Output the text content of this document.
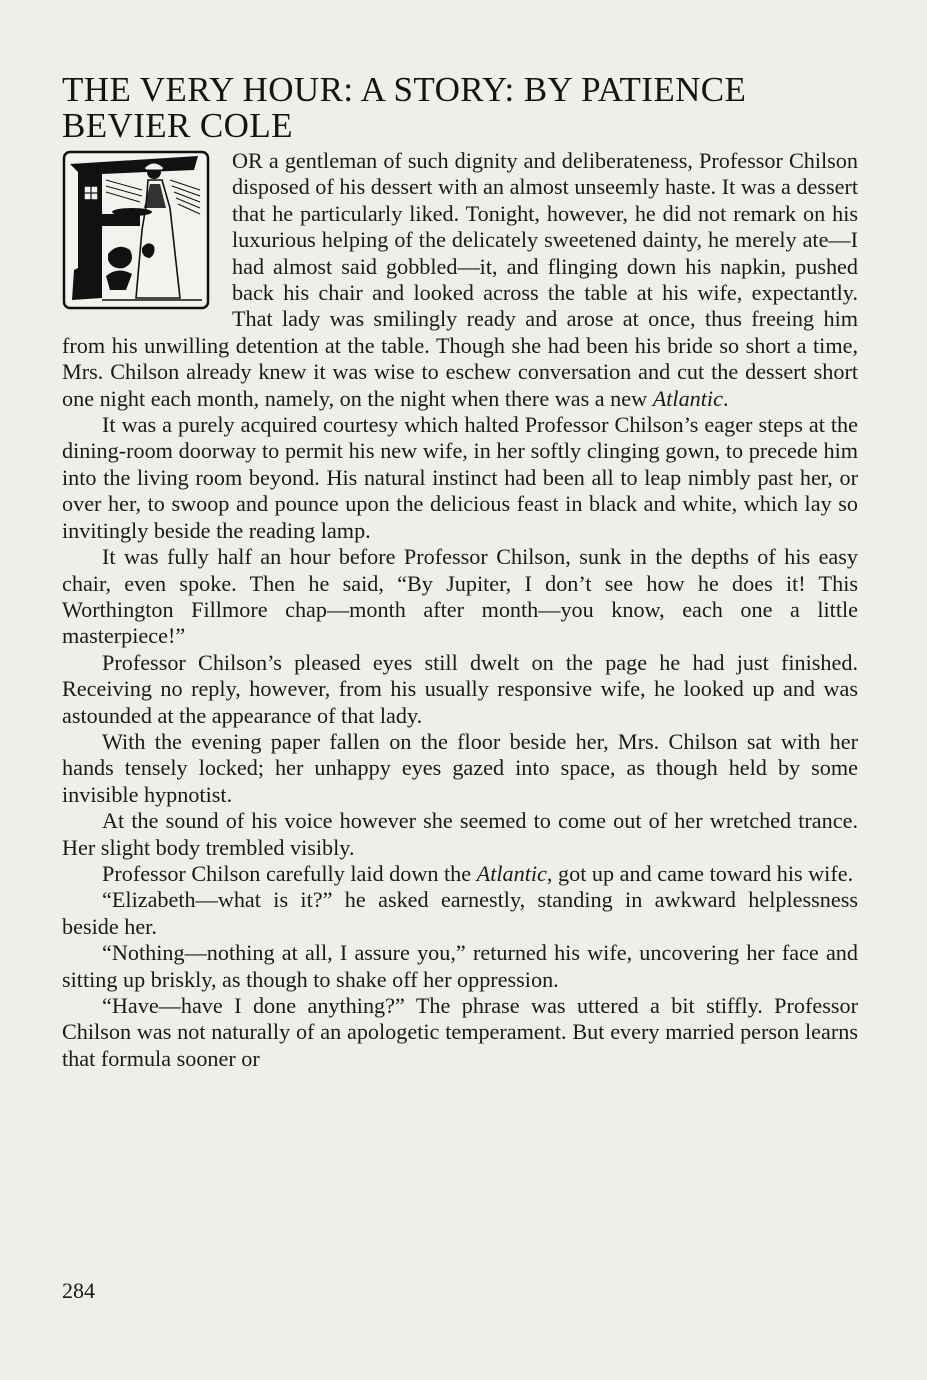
THE VERY HOUR: A STORY: BY PATIENCE BEVIER COLE

OR a gentleman of such dignity and deliberateness, Professor Chilson disposed of his dessert with an almost unseemly haste. It was a dessert that he particularly liked. Tonight, however, he did not remark on his luxurious helping of the delicately sweetened dainty, he merely ate—I had almost said gobbled—it, and flinging down his napkin, pushed back his chair and looked across the table at his wife, expectantly. That lady was smilingly ready and arose at once, thus freeing him from his unwilling detention at the table. Though she had been his bride so short a time, Mrs. Chilson already knew it was wise to eschew conversation and cut the dessert short one night each month, namely, on the night when there was a new Atlantic.

It was a purely acquired courtesy which halted Professor Chilson’s eager steps at the dining-room doorway to permit his new wife, in her softly clinging gown, to precede him into the living room beyond. His natural instinct had been all to leap nimbly past her, or over her, to swoop and pounce upon the delicious feast in black and white, which lay so invitingly beside the reading lamp.

It was fully half an hour before Professor Chilson, sunk in the depths of his easy chair, even spoke. Then he said, “By Jupiter, I don’t see how he does it! This Worthington Fillmore chap—month after month—you know, each one a little masterpiece!”

Professor Chilson’s pleased eyes still dwelt on the page he had just finished. Receiving no reply, however, from his usually responsive wife, he looked up and was astounded at the appearance of that lady.

With the evening paper fallen on the floor beside her, Mrs. Chilson sat with her hands tensely locked; her unhappy eyes gazed into space, as though held by some invisible hypnotist.

At the sound of his voice however she seemed to come out of her wretched trance. Her slight body trembled visibly.

Professor Chilson carefully laid down the Atlantic, got up and came toward his wife.

“Elizabeth—what is it?” he asked earnestly, standing in awkward helplessness beside her.

“Nothing—nothing at all, I assure you,” returned his wife, uncovering her face and sitting up briskly, as though to shake off her oppression.

“Have—have I done anything?” The phrase was uttered a bit stiffly. Professor Chilson was not naturally of an apologetic temperament. But every married person learns that formula sooner or

284
